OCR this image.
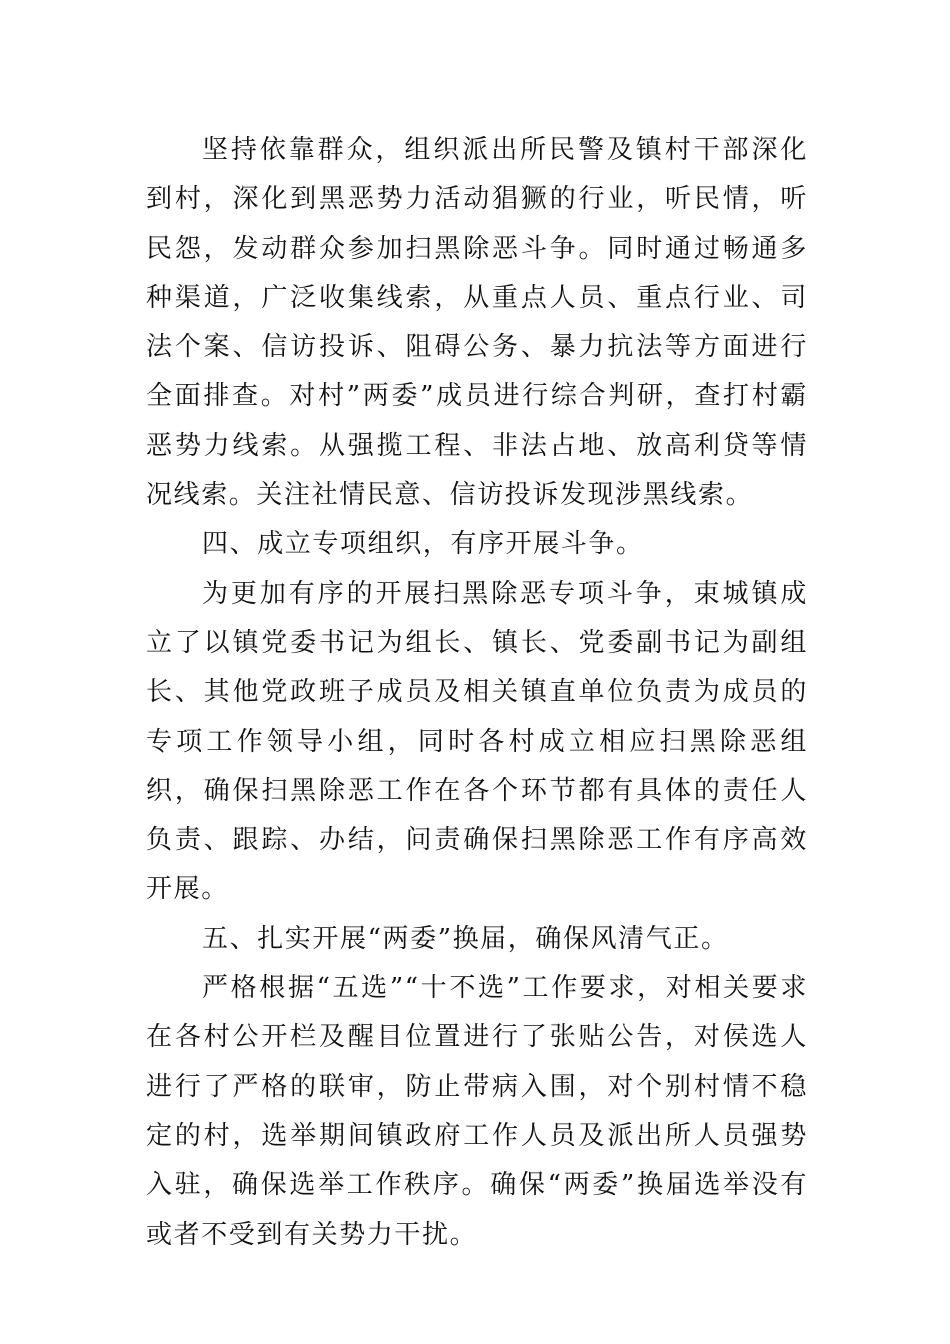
坚持依靠群众，组织派出所民警及镇村干部深化到村，深化到黑恶势力活动猖獗的行业，听民情，听民怨，发动群众参加扫黑除恶斗争。同时通过畅通多种渠道，广泛收集线索，从重点人员、重点行业、司法个案、信访投诉、阻碍公务、暴力抗法等方面进行全面排查。对村”两委”成员进行综合判研，查打村霸恶势力线索。从强揽工程、非法占地、放高利贷等情况线索。关注社情民意、信访投诉发现涉黑线索。

四、成立专项组织，有序开展斗争。

为更加有序的开展扫黑除恶专项斗争，束城镇成立了以镇党委书记为组长、镇长、党委副书记为副组长、其他党政班子成员及相关镇直单位负责为成员的专项工作领导小组，同时各村成立相应扫黑除恶组织，确保扫黑除恶工作在各个环节都有具体的责任人负责、跟踪、办结，问责确保扫黑除恶工作有序高效开展。

五、扎实开展“两委”换届，确保风清气正。

严格根据“五选”“十不选”工作要求，对相关要求在各村公开栏及醒目位置进行了张贴公告，对侯选人进行了严格的联审，防止带病入围，对个别村情不稳定的村，选举期间镇政府工作人员及派出所人员强势入驻，确保选举工作秩序。确保“两委”换届选举没有或者不受到有关势力干扰。
